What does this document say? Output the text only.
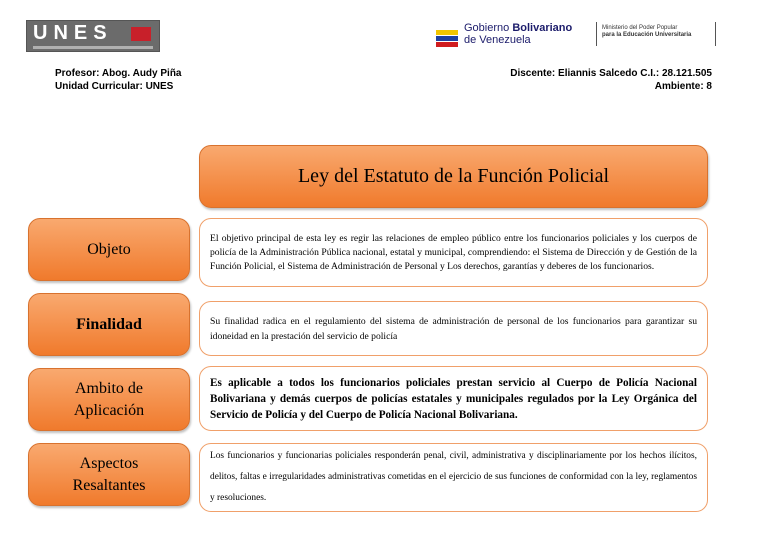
UNES	Gobierno Bolivariano
de Venezuela
Ministerio del Poder Popular
para la Educación Universitaria
Profesor: Abog. Audy Piña
Unidad Curricular: UNES
Discente: Eliannis Salcedo C.I.: 28.121.505
Ambiente: 8
Ley del Estatuto de la Función Policial
Objeto

El objetivo principal de esta ley es regir las relaciones de empleo público entre los funcionarios policiales y los cuerpos de policía de la Administración Pública nacional, estatal y municipal, comprendiendo: el Sistema de Dirección y de Gestión de la Función Policial, el Sistema de Administración de Personal y Los derechos, garantías y deberes de los funcionarios.

Finalidad	Su finalidad radica en el regulamiento del sistema de administración de personal de los funcionarios para garantizar su idoneidad en la prestación del servicio de policía

Ambito de Aplicación

Es aplicable a todos los funcionarios policiales prestan servicio al Cuerpo de Policía Nacional Bolivariana y demás cuerpos de policías estatales y municipales regulados por la Ley Orgánica del Servicio de Policía y del Cuerpo de Policía Nacional Bolivariana.

Aspectos Resaltantes

Los funcionarios y funcionarias policiales responderán penal, civil, administrativa y disciplinariamente por los hechos ilícitos, delitos, faltas e irregularidades administrativas cometidas en el ejercicio de sus funciones de conformidad con la ley, reglamentos y resoluciones.
